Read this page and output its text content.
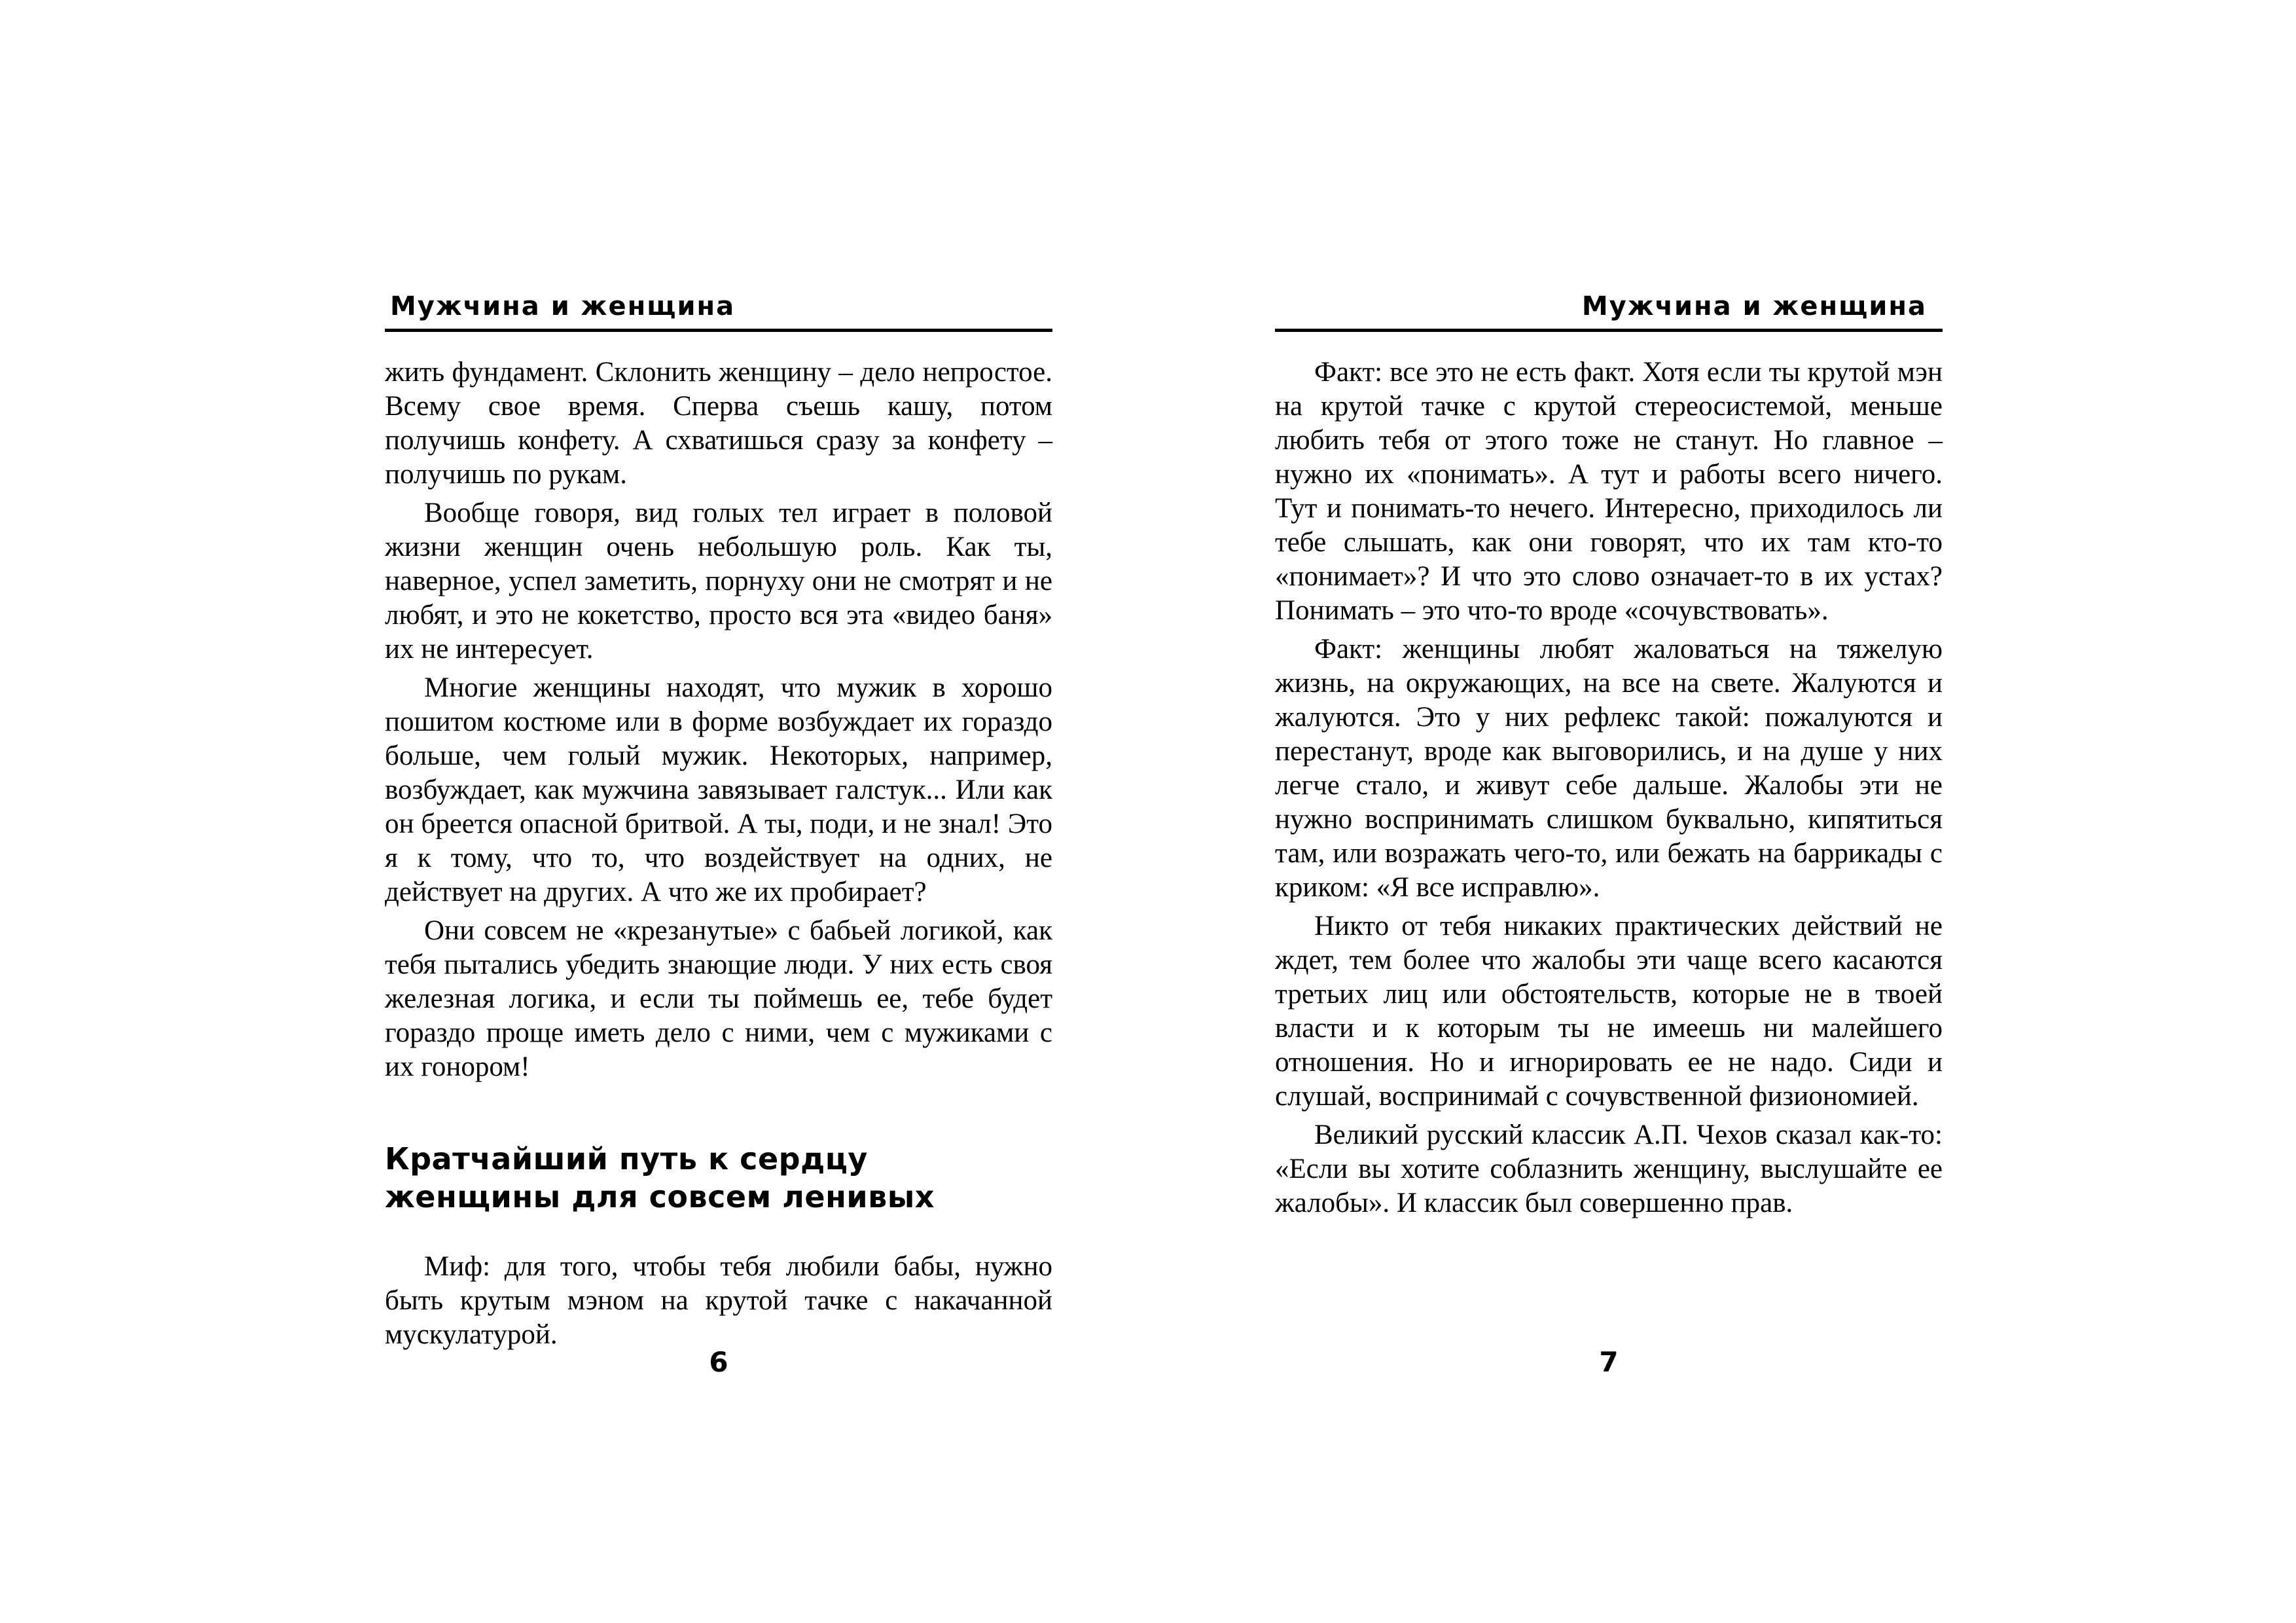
Мужчина и женщина

жить фундамент. Склонить женщину – дело непростое. Всему свое время. Сперва съешь кашу, потом получишь конфету. А схватишься сразу за конфету – получишь по рукам.

Вообще говоря, вид голых тел играет в половой жизни женщин очень небольшую роль. Как ты, наверное, успел заметить, порнуху они не смотрят и не любят, и это не кокетство, просто вся эта «видео баня» их не интересует.

Многие женщины находят, что мужик в хорошо пошитом костюме или в форме возбуждает их гораздо больше, чем голый мужик. Некоторых, например, возбуждает, как мужчина завязывает галстук... Или как он бреется опасной бритвой. А ты, поди, и не знал! Это я к тому, что то, что воздействует на одних, не действует на других. А что же их пробирает?

Они совсем не «крезанутые» с бабьей логикой, как тебя пытались убедить знающие люди. У них есть своя железная логика, и если ты поймешь ее, тебе будет гораздо проще иметь дело с ними, чем с мужиками с их гонором!

Кратчайший путь к сердцу
женщины для совсем ленивых

Миф: для того, чтобы тебя любили бабы, нужно быть крутым мэном на крутой тачке с накачанной мускулатурой.

6
Мужчина и женщина

Факт: все это не есть факт. Хотя если ты крутой мэн на крутой тачке с крутой стереосистемой, меньше любить тебя от этого тоже не станут. Но главное – нужно их «понимать». А тут и работы всего ничего. Тут и понимать-то нечего. Интересно, приходилось ли тебе слышать, как они говорят, что их там кто-то «понимает»? И что это слово означает-то в их устах? Понимать – это что-то вроде «сочувствовать».

Факт: женщины любят жаловаться на тяжелую жизнь, на окружающих, на все на свете. Жалуются и жалуются. Это у них рефлекс такой: пожалуются и перестанут, вроде как выговорились, и на душе у них легче стало, и живут себе дальше. Жалобы эти не нужно воспринимать слишком буквально, кипятиться там, или возражать чего-то, или бежать на баррикады с криком: «Я все исправлю».

Никто от тебя никаких практических действий не ждет, тем более что жалобы эти чаще всего касаются третьих лиц или обстоятельств, которые не в твоей власти и к которым ты не имеешь ни малейшего отношения. Но и игнорировать ее не надо. Сиди и слушай, воспринимай с сочувственной физиономией.

Великий русский классик А.П. Чехов сказал как-то: «Если вы хотите соблазнить женщину, выслушайте ее жалобы». И классик был совершенно прав.

7
